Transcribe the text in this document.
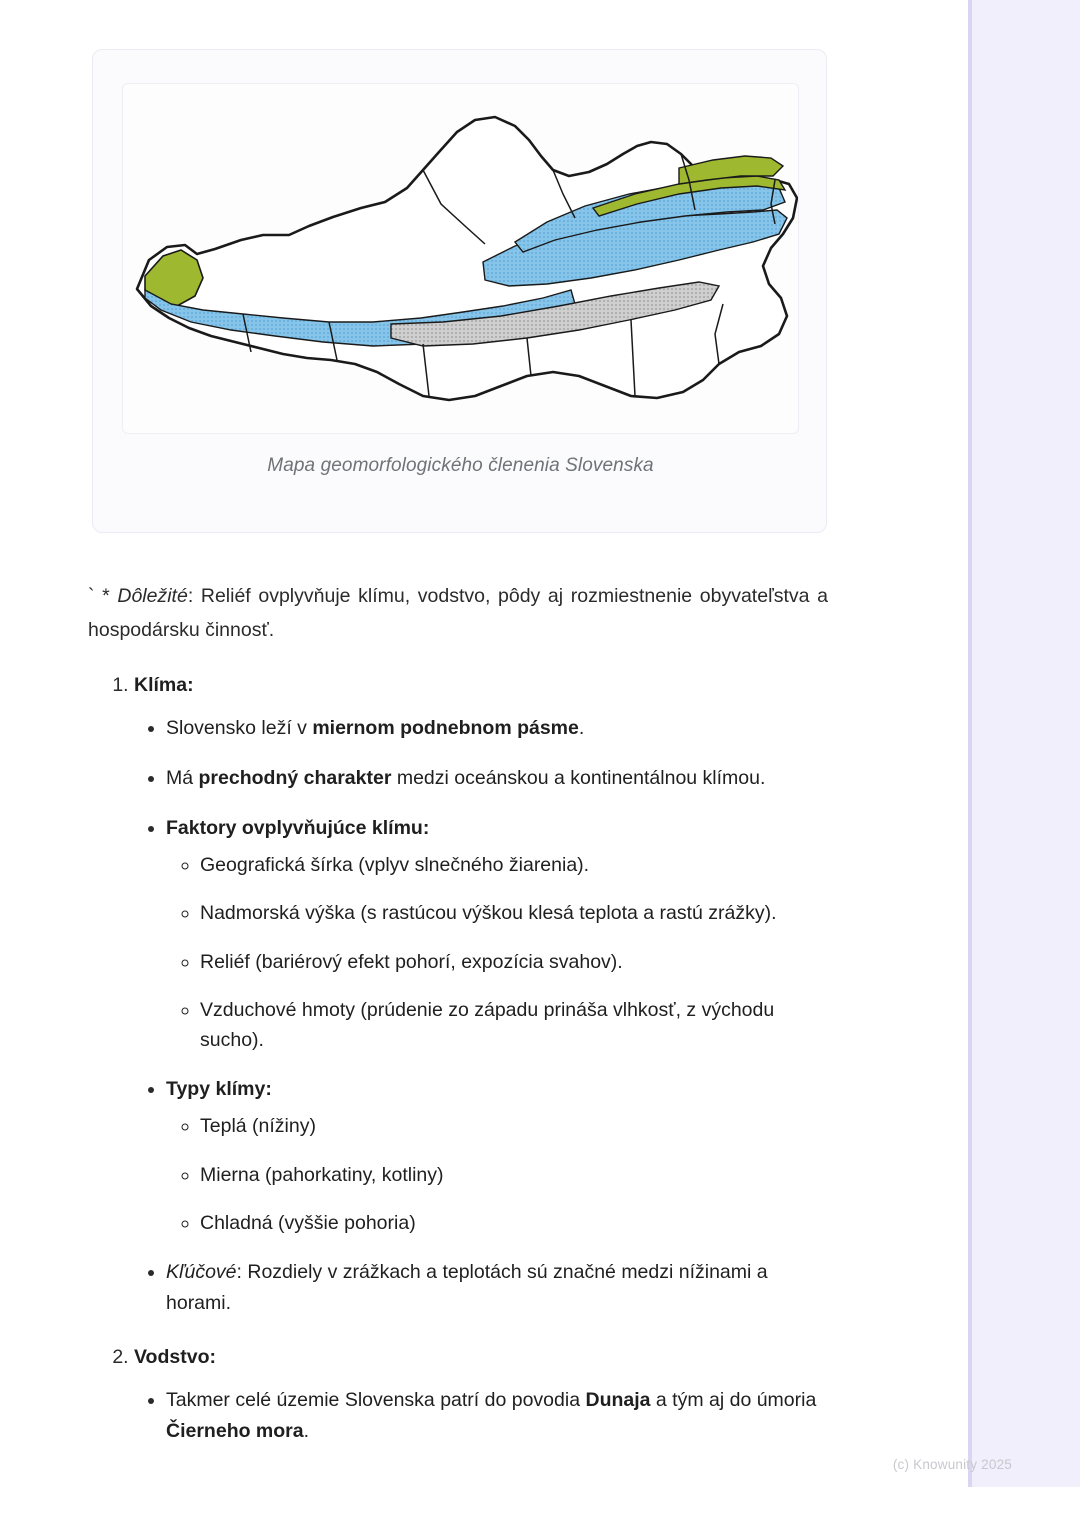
Mapa geomorfologického členenia Slovenska

` * Dôležité: Reliéf ovplyvňuje klímu, vodstvo, pôdy aj rozmiestnenie obyvateľstva a hospodársku činnosť.

1. Klíma:
• Slovensko leží v miernom podnebnom pásme.
• Má prechodný charakter medzi oceánskou a kontinentálnou klímou.
• Faktory ovplyvňujúce klímu:
◦ Geografická šírka (vplyv slnečného žiarenia).
◦ Nadmorská výška (s rastúcou výškou klesá teplota a rastú zrážky).
◦ Reliéf (bariérový efekt pohorí, expozícia svahov).
◦ Vzduchové hmoty (prúdenie zo západu prináša vlhkosť, z východu sucho).
• Typy klímy:
◦ Teplá (nížiny)
◦ Mierna (pahorkatiny, kotliny)
◦ Chladná (vyššie pohoria)
• Kľúčové: Rozdiely v zrážkach a teplotách sú značné medzi nížinami a horami.
2. Vodstvo:
• Takmer celé územie Slovenska patrí do povodia Dunaja a tým aj do úmoria Čierneho mora.
(c) Knowunity 2025
